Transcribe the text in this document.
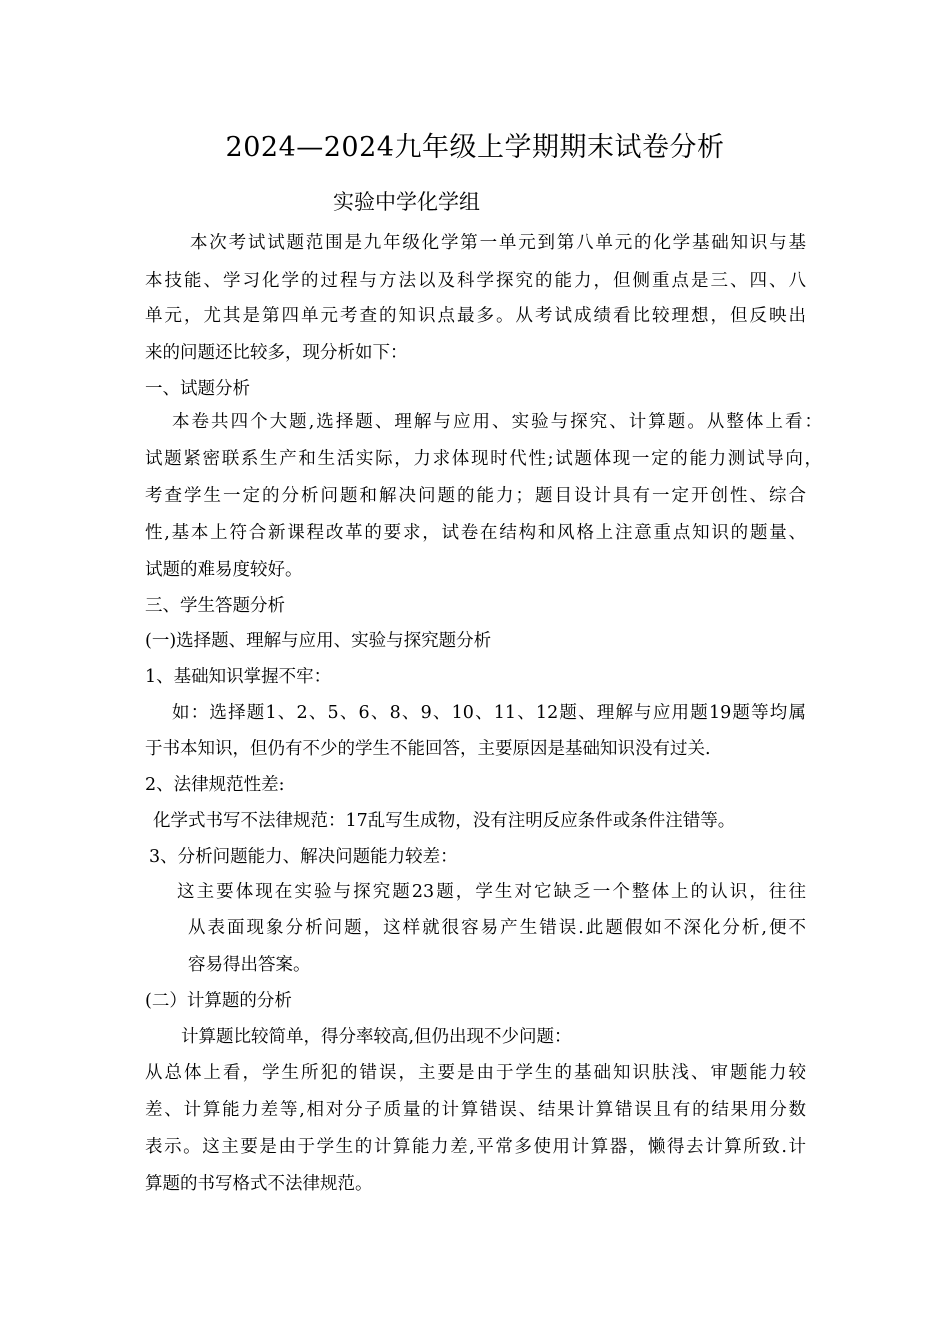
2024—2024九年级上学期期末试卷分析
实验中学化学组
本次考试试题范围是九年级化学第一单元到第八单元的化学基础知识与基
本技能、学习化学的过程与方法以及科学探究的能力，但侧重点是三、四、八
单元，尤其是第四单元考查的知识点最多。从考试成绩看比较理想，但反映出
来的问题还比较多，现分析如下：
一、试题分析
本卷共四个大题,选择题、理解与应用、实验与探究、计算题。从整体上看：
试题紧密联系生产和生活实际，力求体现时代性;试题体现一定的能力测试导向，
考查学生一定的分析问题和解决问题的能力；题目设计具有一定开创性、综合
性,基本上符合新课程改革的要求，试卷在结构和风格上注意重点知识的题量、
试题的难易度较好。
三、学生答题分析
(一)选择题、理解与应用、实验与探究题分析
1、基础知识掌握不牢：
如：选择题1、2、5、6、8、9、10、11、12题、理解与应用题19题等均属
于书本知识，但仍有不少的学生不能回答，主要原因是基础知识没有过关.
2、法律规范性差:
化学式书写不法律规范：17乱写生成物，没有注明反应条件或条件注错等。
3、分析问题能力、解决问题能力较差：
这主要体现在实验与探究题23题，学生对它缺乏一个整体上的认识，往往
从表面现象分析问题，这样就很容易产生错误.此题假如不深化分析,便不
容易得出答案。
(二）计算题的分析
计算题比较简单，得分率较高,但仍出现不少问题：
从总体上看，学生所犯的错误，主要是由于学生的基础知识肤浅、审题能力较
差、计算能力差等,相对分子质量的计算错误、结果计算错误且有的结果用分数
表示。这主要是由于学生的计算能力差,平常多使用计算器，懒得去计算所致.计
算题的书写格式不法律规范。
